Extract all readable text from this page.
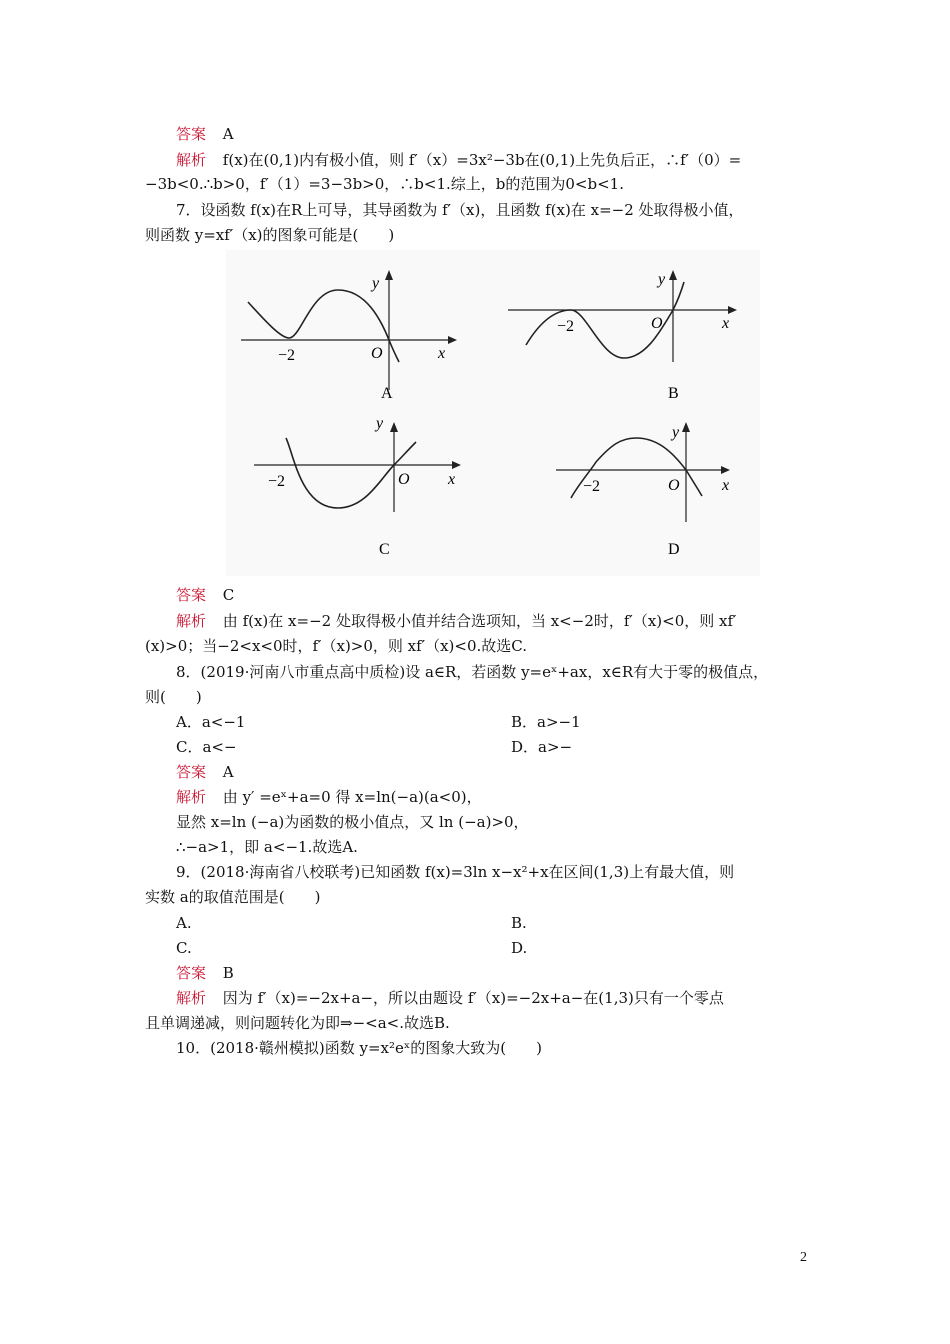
答案 A
解析 f(x)在(0,1)内有极小值，则 f′（x）=3x²−3b在(0,1)上先负后正，∴f′（0）=
−3b<0.∴b>0，f′（1）=3−3b>0，∴b<1.综上，b的范围为0<b<1.
7．设函数 f(x)在R上可导，其导函数为 f′（x)，且函数 f(x)在 x=−2 处取得极小值，
则函数 y=xf′（x)的图象可能是(　　)
y
x
O
−2
A
y
x
O
−2
B
y
x
O
−2
C
y
x
O
−2
D
答案 C
解析 由 f(x)在 x=−2 处取得极小值并结合选项知，当 x<−2时，f′（x)<0，则 xf′
(x)>0；当−2<x<0时，f′（x)>0，则 xf′（x)<0.故选C.
8．(2019·河南八市重点高中质检)设 a∈R，若函数 y=eˣ+ax，x∈R有大于零的极值点，
则(　　)
A．a<−1	B．a>−1
C．a<−	D．a>−
答案 A
解析 由 y′ =eˣ+a=0 得 x=ln(−a)(a<0)，
显然 x=ln (−a)为函数的极小值点，又 ln (−a)>0，
∴−a>1，即 a<−1.故选A.
9．(2018·海南省八校联考)已知函数 f(x)=3ln x−x²+x在区间(1,3)上有最大值，则
实数 a的取值范围是(　　)
A.	B.
C.	D.
答案 B
解析 因为 f′（x)=−2x+a−，所以由题设 f′（x)=−2x+a−在(1,3)只有一个零点
且单调递减，则问题转化为即⇒−<a<.故选B.
10．(2018·赣州模拟)函数 y=x²eˣ的图象大致为(　　)
2
